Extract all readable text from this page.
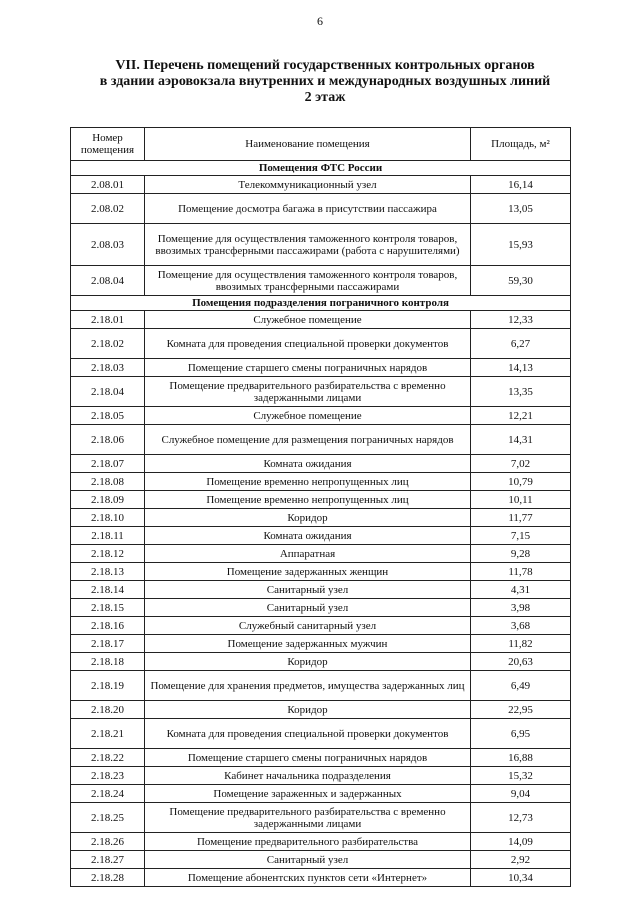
6
VII. Перечень помещений государственных контрольных органов
в здании аэровокзала внутренних и международных воздушных линий
2 этаж
Номер помещения	Наименование помещения	Площадь, м²
Помещения ФТС России		
2.08.01	Телекоммуникационный узел	16,14
2.08.02	Помещение досмотра багажа в присутствии пассажира	13,05
2.08.03	Помещение для осуществления таможенного контроля товаров, ввозимых трансферными пассажирами (работа с нарушителями)	15,93
2.08.04	Помещение для осуществления таможенного контроля товаров, ввозимых трансферными пассажирами	59,30
Помещения подразделения пограничного контроля		
2.18.01	Служебное помещение	12,33
2.18.02	Комната для проведения специальной проверки документов	6,27
2.18.03	Помещение старшего смены пограничных нарядов	14,13
2.18.04	Помещение предварительного разбирательства с временно задержанными лицами	13,35
2.18.05	Служебное помещение	12,21
2.18.06	Служебное помещение для размещения пограничных нарядов	14,31
2.18.07	Комната ожидания	7,02
2.18.08	Помещение временно непропущенных лиц	10,79
2.18.09	Помещение временно непропущенных лиц	10,11
2.18.10	Коридор	11,77
2.18.11	Комната ожидания	7,15
2.18.12	Аппаратная	9,28
2.18.13	Помещение задержанных женщин	11,78
2.18.14	Санитарный узел	4,31
2.18.15	Санитарный узел	3,98
2.18.16	Служебный санитарный узел	3,68
2.18.17	Помещение задержанных мужчин	11,82
2.18.18	Коридор	20,63
2.18.19	Помещение для хранения предметов, имущества задержанных лиц	6,49
2.18.20	Коридор	22,95
2.18.21	Комната для проведения специальной проверки документов	6,95
2.18.22	Помещение старшего смены пограничных нарядов	16,88
2.18.23	Кабинет начальника подразделения	15,32
2.18.24	Помещение зараженных и задержанных	9,04
2.18.25	Помещение предварительного разбирательства с временно задержанными лицами	12,73
2.18.26	Помещение предварительного разбирательства	14,09
2.18.27	Санитарный узел	2,92
2.18.28	Помещение абонентских пунктов сети «Интернет»	10,34
